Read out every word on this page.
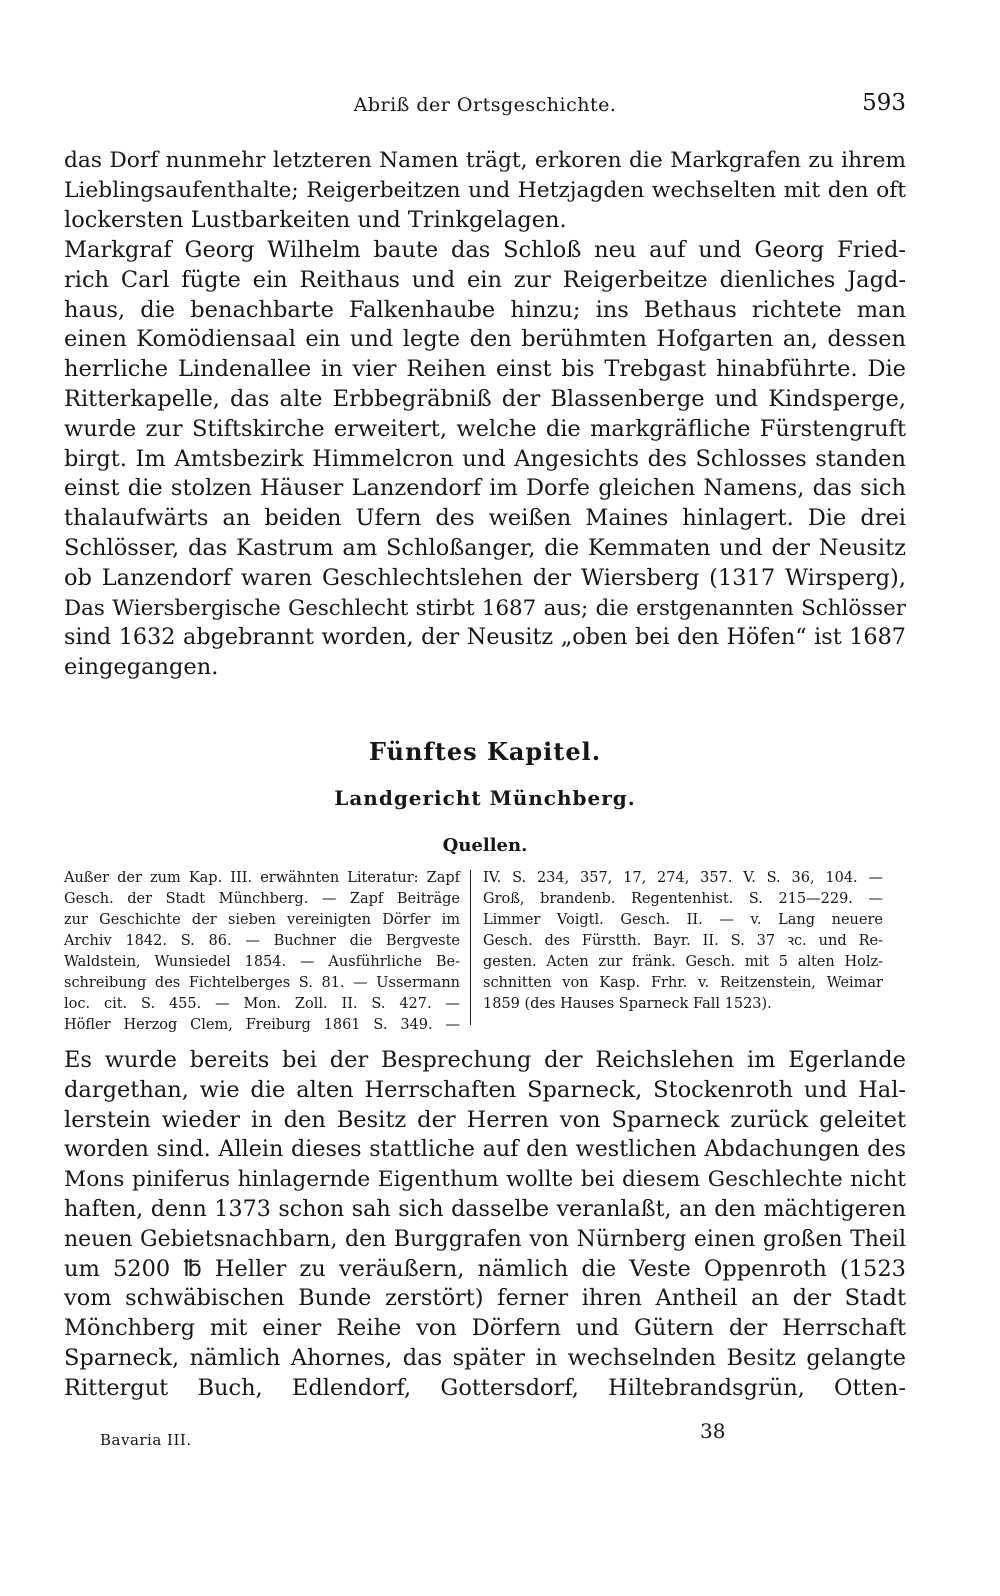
Abriß der Ortsgeschichte.	593
das Dorf nunmehr letzteren Namen trägt, erkoren die Markgrafen zu ihrem
Lieblingsaufenthalte; Reigerbeitzen und Hetzjagden wechselten mit den oft
lockersten Lustbarkeiten und Trinkgelagen.
Markgraf Georg Wilhelm baute das Schloß neu auf und Georg Fried-
rich Carl fügte ein Reithaus und ein zur Reigerbeitze dienliches Jagd-
haus, die benachbarte Falkenhaube hinzu; ins Bethaus richtete man
einen Komödiensaal ein und legte den berühmten Hofgarten an, dessen
herrliche Lindenallee in vier Reihen einst bis Trebgast hinabführte. Die
Ritterkapelle, das alte Erbbegräbniß der Blassenberge und Kindsperge,
wurde zur Stiftskirche erweitert, welche die markgräfliche Fürstengruft
birgt. Im Amtsbezirk Himmelcron und Angesichts des Schlosses standen
einst die stolzen Häuser Lanzendorf im Dorfe gleichen Namens, das sich
thalaufwärts an beiden Ufern des weißen Maines hinlagert. Die drei
Schlösser, das Kastrum am Schloßanger, die Kemmaten und der Neusitz
ob Lanzendorf waren Geschlechtslehen der Wiersberg (1317 Wirsperg),
Das Wiersbergische Geschlecht stirbt 1687 aus; die erstgenannten Schlösser
sind 1632 abgebrannt worden, der Neusitz „oben bei den Höfen“ ist 1687
eingegangen.
Fünftes Kapitel.
Landgericht Münchberg.
Quellen.
Außer der zum Kap. III. erwähnten Literatur: Zapf
Gesch. der Stadt Münchberg. — Zapf Beiträge
zur Geschichte der sieben vereinigten Dörfer im
Archiv 1842. S. 86. — Buchner die Bergveste
Waldstein, Wunsiedel 1854. — Ausführliche Be-
schreibung des Fichtelberges S. 81. — Ussermann
loc. cit. S. 455. — Mon. Zoll. II. S. 427. —
Höfler Herzog Clem, Freiburg 1861 S. 349. —
IV. S. 234, 357, 17, 274, 357. V. S. 36, 104. —
Groß, brandenb. Regentenhist. S. 215—229. —
Limmer Voigtl. Gesch. II. — v. Lang neuere
Gesch. des Fürstth. Bayr. II. S. 37 ꝛc. und Re-
gesten. Acten zur fränk. Gesch. mit 5 alten Holz-
schnitten von Kasp. Frhr. v. Reitzenstein, Weimar
1859 (des Hauses Sparneck Fall 1523).
Es wurde bereits bei der Besprechung der Reichslehen im Egerlande
dargethan, wie die alten Herrschaften Sparneck, Stockenroth und Hal-
lerstein wieder in den Besitz der Herren von Sparneck zurück geleitet
worden sind. Allein dieses stattliche auf den westlichen Abdachungen des
Mons piniferus hinlagernde Eigenthum wollte bei diesem Geschlechte nicht
haften, denn 1373 schon sah sich dasselbe veranlaßt, an den mächtigeren
neuen Gebietsnachbarn, den Burggrafen von Nürnberg einen großen Theil
um 5200 ℔ Heller zu veräußern, nämlich die Veste Oppenroth (1523
vom schwäbischen Bunde zerstört) ferner ihren Antheil an der Stadt
Mönchberg mit einer Reihe von Dörfern und Gütern der Herrschaft
Sparneck, nämlich Ahornes, das später in wechselnden Besitz gelangte
Rittergut Buch, Edlendorf, Gottersdorf, Hiltebrandsgrün, Otten-
Bavaria III.	38
